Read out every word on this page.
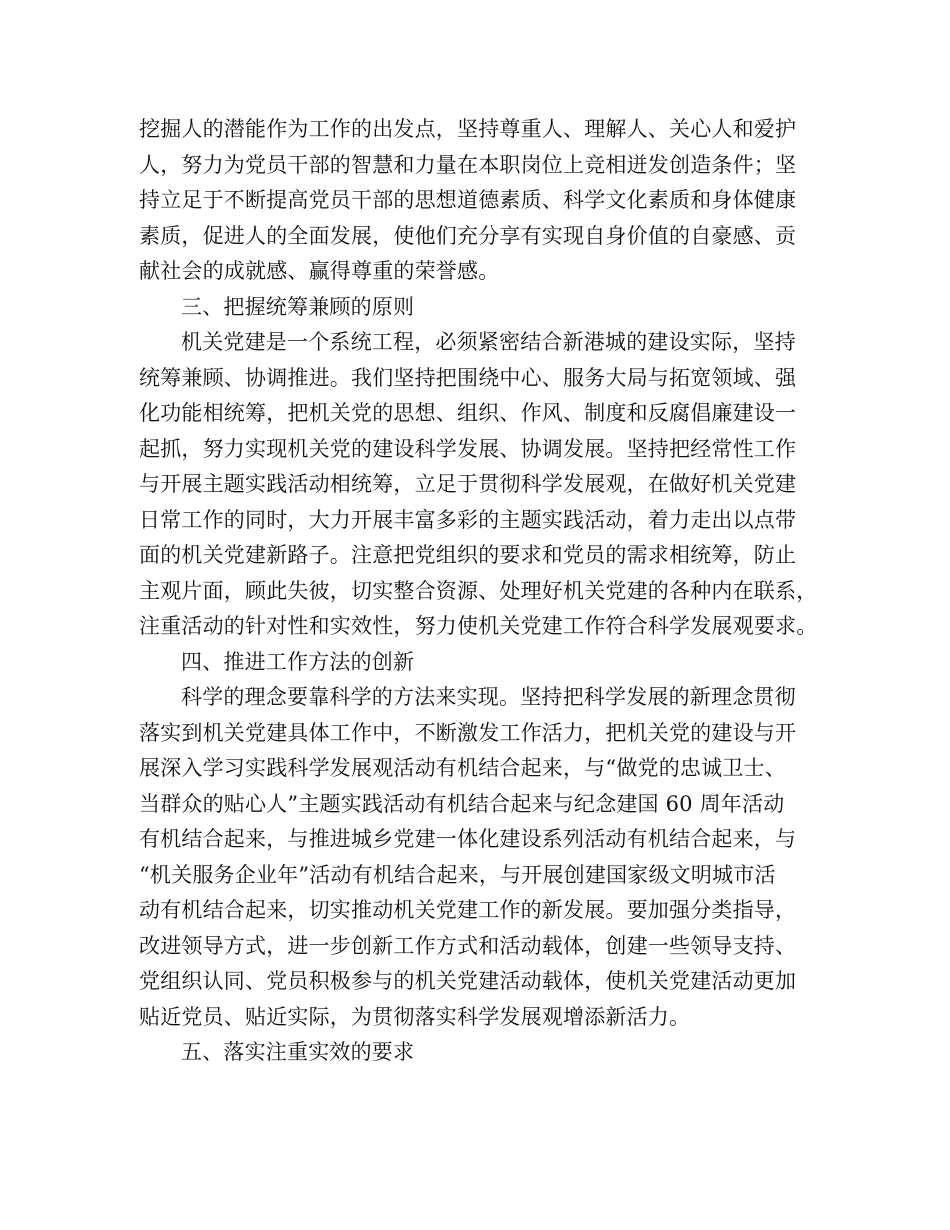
挖掘人的潜能作为工作的出发点，坚持尊重人、理解人、关心人和爱护
人，努力为党员干部的智慧和力量在本职岗位上竞相迸发创造条件；坚
持立足于不断提高党员干部的思想道德素质、科学文化素质和身体健康
素质，促进人的全面发展，使他们充分享有实现自身价值的自豪感、贡
献社会的成就感、赢得尊重的荣誉感。
三、把握统筹兼顾的原则
机关党建是一个系统工程，必须紧密结合新港城的建设实际，坚持
统筹兼顾、协调推进。我们坚持把围绕中心、服务大局与拓宽领域、强
化功能相统筹，把机关党的思想、组织、作风、制度和反腐倡廉建设一
起抓，努力实现机关党的建设科学发展、协调发展。坚持把经常性工作
与开展主题实践活动相统筹，立足于贯彻科学发展观，在做好机关党建
日常工作的同时，大力开展丰富多彩的主题实践活动，着力走出以点带
面的机关党建新路子。注意把党组织的要求和党员的需求相统筹，防止
主观片面，顾此失彼，切实整合资源、处理好机关党建的各种内在联系，
注重活动的针对性和实效性，努力使机关党建工作符合科学发展观要求。
四、推进工作方法的创新
科学的理念要靠科学的方法来实现。坚持把科学发展的新理念贯彻
落实到机关党建具体工作中，不断激发工作活力，把机关党的建设与开
展深入学习实践科学发展观活动有机结合起来，与“做党的忠诚卫士、
当群众的贴心人”主题实践活动有机结合起来与纪念建国 60 周年活动
有机结合起来，与推进城乡党建一体化建设系列活动有机结合起来，与
“机关服务企业年”活动有机结合起来，与开展创建国家级文明城市活
动有机结合起来，切实推动机关党建工作的新发展。要加强分类指导，
改进领导方式，进一步创新工作方式和活动载体，创建一些领导支持、
党组织认同、党员积极参与的机关党建活动载体，使机关党建活动更加
贴近党员、贴近实际，为贯彻落实科学发展观增添新活力。
五、落实注重实效的要求
